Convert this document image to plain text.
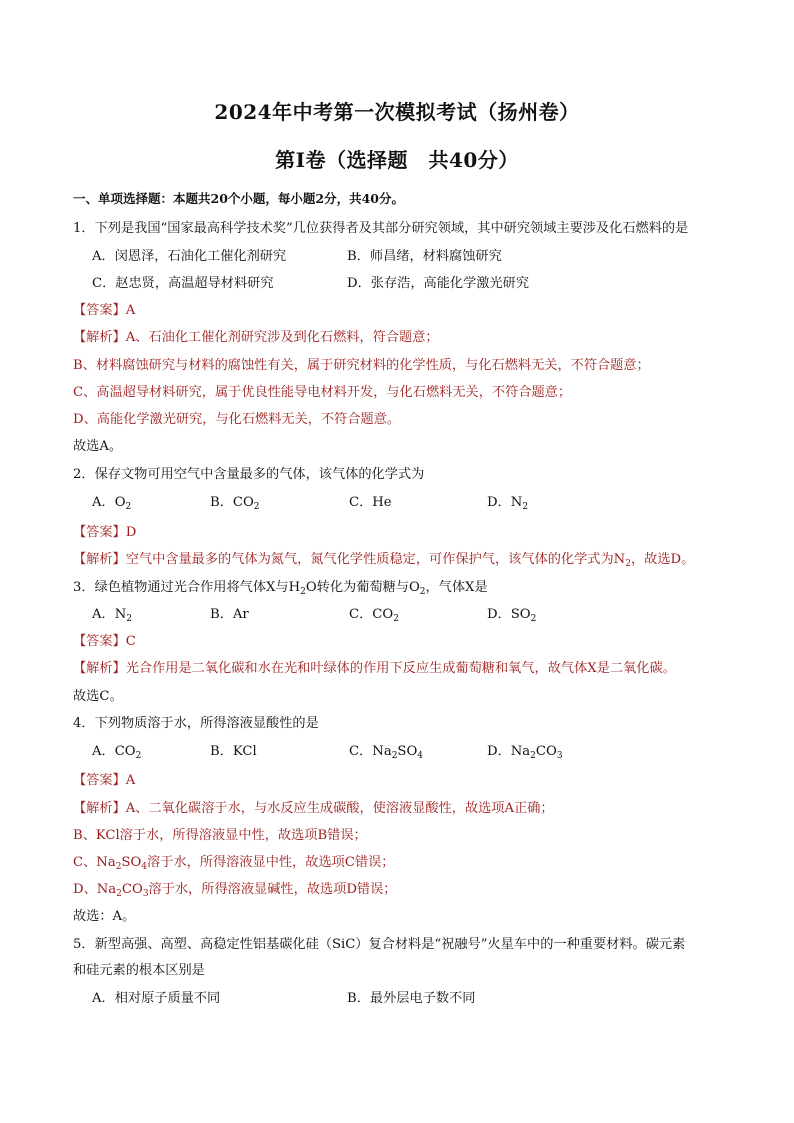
2024年中考第一次模拟考试（扬州卷）
第Ⅰ卷（选择题　共40分）
一、单项选择题：本题共20个小题，每小题2分，共40分。
1．下列是我国“国家最高科学技术奖”几位获得者及其部分研究领域，其中研究领域主要涉及化石燃料的是
A．闵恩泽，石油化工催化剂研究	B．师昌绪，材料腐蚀研究
C．赵忠贤，高温超导材料研究	D．张存浩，高能化学激光研究
【答案】A
【解析】A、石油化工催化剂研究涉及到化石燃料，符合题意；
B、材料腐蚀研究与材料的腐蚀性有关，属于研究材料的化学性质，与化石燃料无关，不符合题意；
C、高温超导材料研究，属于优良性能导电材料开发，与化石燃料无关，不符合题意；
D、高能化学激光研究，与化石燃料无关，不符合题意。
故选A。
2．保存文物可用空气中含量最多的气体，该气体的化学式为
A．$O_2$	B．$CO_2$	C．He	D．$N_2$
【答案】D
【解析】空气中含量最多的气体为氮气，氮气化学性质稳定，可作保护气，该气体的化学式为$N_2$，故选D。
3．绿色植物通过光合作用将气体X与$H_2O$转化为葡萄糖与$O_2$，气体X是
A．$N_2$	B．Ar	C．$CO_2$	D．$SO_2$
【答案】C
【解析】光合作用是二氧化碳和水在光和叶绿体的作用下反应生成葡萄糖和氧气，故气体X是二氧化碳。
故选C。
4．下列物质溶于水，所得溶液显酸性的是
A．$CO_2$	B．KCl	C．$Na_2SO_4$	D．$Na_2CO_3$
【答案】A
【解析】A、二氧化碳溶于水，与水反应生成碳酸，使溶液显酸性，故选项A正确；
B、KCl溶于水，所得溶液显中性，故选项B错误；
C、$Na_2SO_4$溶于水，所得溶液显中性，故选项C错误；
D、$Na_2CO_3$溶于水，所得溶液显碱性，故选项D错误；
故选：A。
5．新型高强、高塑、高稳定性铝基碳化硅（SiC）复合材料是“祝融号”火星车中的一种重要材料。碳元素
和硅元素的根本区别是
A．相对原子质量不同	B．最外层电子数不同
